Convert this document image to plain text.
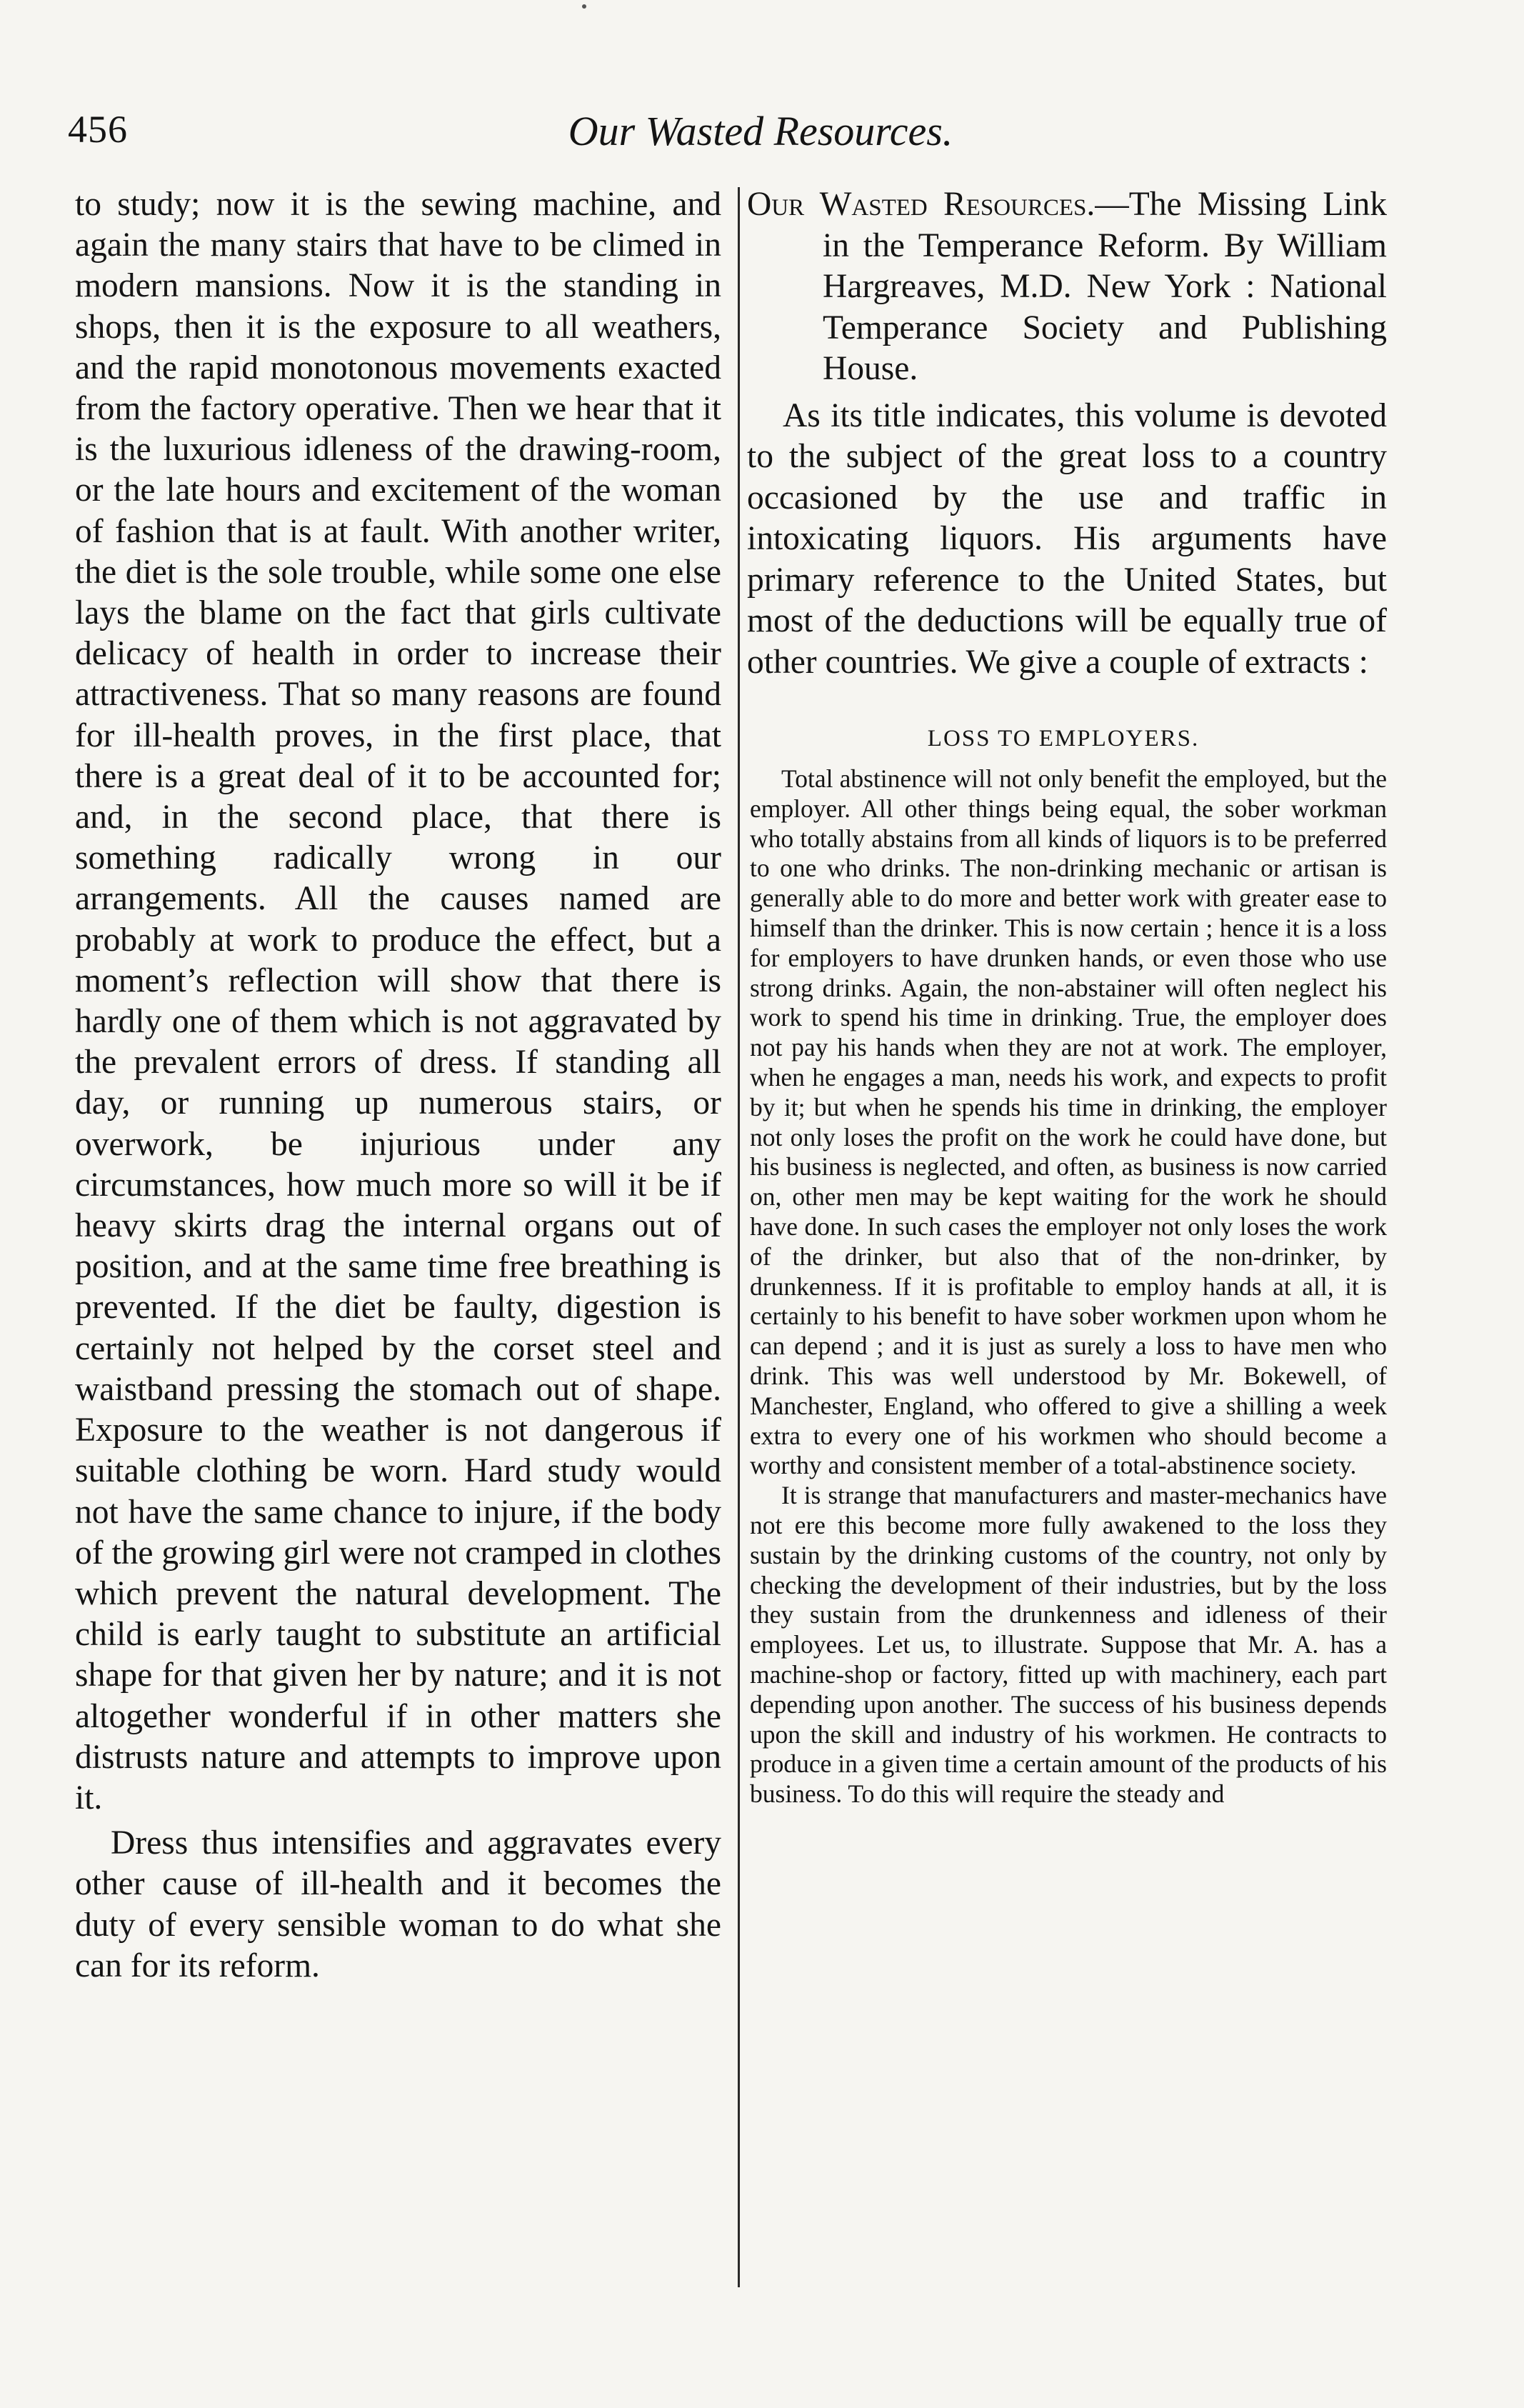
456	Our Wasted Resources.

to study; now it is the sewing machine, and again the many stairs that have to be climed in modern mansions. Now it is the standing in shops, then it is the exposure to all weathers, and the rapid monotonous movements exacted from the factory operative. Then we hear that it is the luxurious idleness of the drawing-room, or the late hours and excitement of the woman of fashion that is at fault. With another writer, the diet is the sole trouble, while some one else lays the blame on the fact that girls cultivate delicacy of health in order to increase their attractiveness. That so many reasons are found for ill-health proves, in the first place, that there is a great deal of it to be accounted for; and, in the second place, that there is something radically wrong in our arrangements. All the causes named are probably at work to produce the effect, but a moment’s reflection will show that there is hardly one of them which is not aggravated by the prevalent errors of dress. If standing all day, or running up numerous stairs, or overwork, be injurious under any circumstances, how much more so will it be if heavy skirts drag the internal organs out of position, and at the same time free breathing is prevented. If the diet be faulty, digestion is certainly not helped by the corset steel and waistband pressing the stomach out of shape. Exposure to the weather is not dangerous if suitable clothing be worn. Hard study would not have the same chance to injure, if the body of the growing girl were not cramped in clothes which prevent the natural development. The child is early taught to substitute an artificial shape for that given her by nature; and it is not altogether wonderful if in other matters she distrusts nature and attempts to improve upon it.

Dress thus intensifies and aggravates every other cause of ill-health and it becomes the duty of every sensible woman to do what she can for its reform.

Our Wasted Resources.—The Missing Link in the Temperance Reform. By William Hargreaves, M.D. New York : National Temperance Society and Publishing House.

As its title indicates, this volume is devoted to the subject of the great loss to a country occasioned by the use and traffic in intoxicating liquors. His arguments have primary reference to the United States, but most of the deductions will be equally true of other countries. We give a couple of extracts :

LOSS TO EMPLOYERS.

Total abstinence will not only benefit the employed, but the employer. All other things being equal, the sober workman who totally abstains from all kinds of liquors is to be preferred to one who drinks. The non-drinking mechanic or artisan is generally able to do more and better work with greater ease to himself than the drinker. This is now certain ; hence it is a loss for employers to have drunken hands, or even those who use strong drinks. Again, the non-abstainer will often neglect his work to spend his time in drinking. True, the employer does not pay his hands when they are not at work. The employer, when he engages a man, needs his work, and expects to profit by it; but when he spends his time in drinking, the employer not only loses the profit on the work he could have done, but his business is neglected, and often, as business is now carried on, other men may be kept waiting for the work he should have done. In such cases the employer not only loses the work of the drinker, but also that of the non-drinker, by drunkenness. If it is profitable to employ hands at all, it is certainly to his benefit to have sober workmen upon whom he can depend ; and it is just as surely a loss to have men who drink. This was well understood by Mr. Bokewell, of Manchester, England, who offered to give a shilling a week extra to every one of his workmen who should become a worthy and consistent member of a total-abstinence society.

It is strange that manufacturers and master-mechanics have not ere this become more fully awakened to the loss they sustain by the drinking customs of the country, not only by checking the development of their industries, but by the loss they sustain from the drunkenness and idleness of their employees. Let us, to illustrate. Suppose that Mr. A. has a machine-shop or factory, fitted up with machinery, each part depending upon another. The success of his business depends upon the skill and industry of his workmen. He contracts to produce in a given time a certain amount of the products of his business. To do this will require the steady and
